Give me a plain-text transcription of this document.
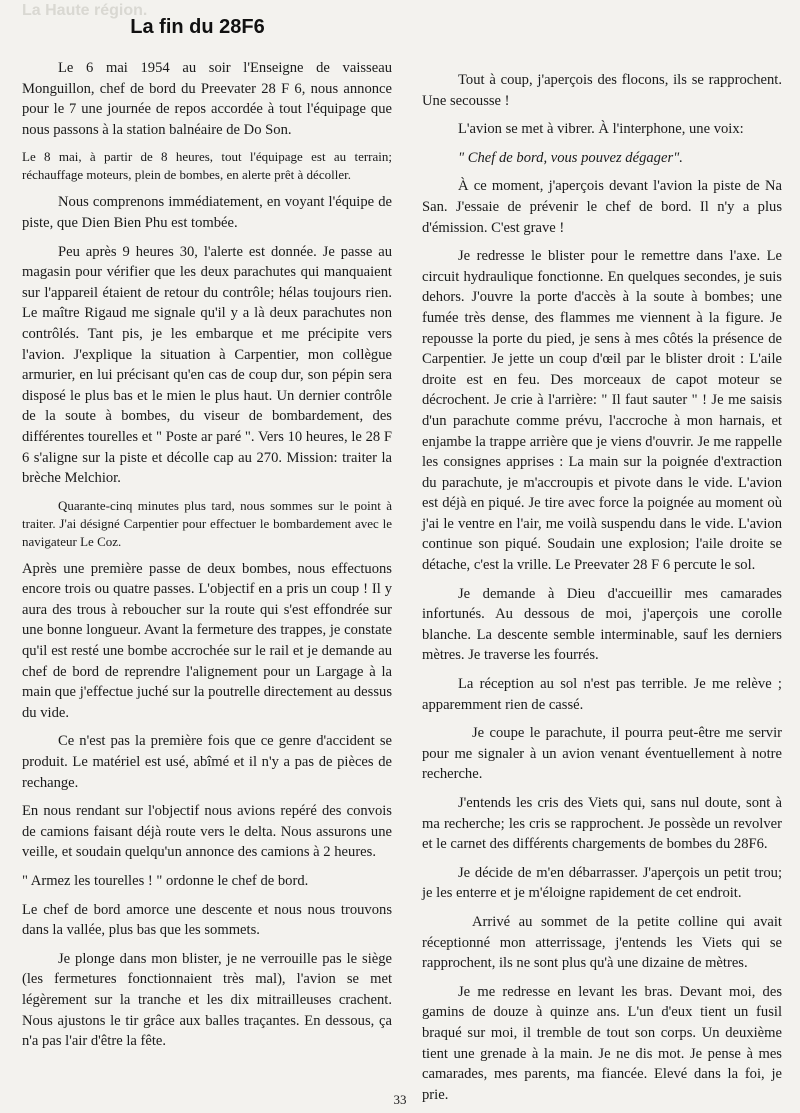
La Haute région.
La fin du 28F6

Le 6 mai 1954 au soir l'Enseigne de vaisseau Monguillon, chef de bord du Preevater 28 F 6, nous annonce pour le 7 une journée de repos accordée à tout l'équipage que nous passons à la station balnéaire de Do Son.

Le 8 mai, à partir de 8 heures, tout l'équipage est au terrain; réchauffage moteurs, plein de bombes, en alerte prêt à décoller.

Nous comprenons immédiatement, en voyant l'équipe de piste, que Dien Bien Phu est tombée.

Peu après 9 heures 30, l'alerte est donnée. Je passe au magasin pour vérifier que les deux parachutes qui manquaient sur l'appareil étaient de retour du contrôle; hélas toujours rien. Le maître Rigaud me signale qu'il y a là deux parachutes non contrôlés. Tant pis, je les embarque et me précipite vers l'avion. J'explique la situation à Carpentier, mon collègue armurier, en lui précisant qu'en cas de coup dur, son pépin sera disposé le plus bas et le mien le plus haut. Un dernier contrôle de la soute à bombes, du viseur de bombardement, des différentes tourelles et " Poste ar paré ". Vers 10 heures, le 28 F 6 s'aligne sur la piste et décolle cap au 270. Mission: traiter la brèche Melchior.

Quarante-cinq minutes plus tard, nous sommes sur le point à traiter. J'ai désigné Carpentier pour effectuer le bombardement avec le navigateur Le Coz.

Après une première passe de deux bombes, nous effectuons encore trois ou quatre passes. L'objectif en a pris un coup ! Il y aura des trous à reboucher sur la route qui s'est effondrée sur une bonne longueur. Avant la fermeture des trappes, je constate qu'il est resté une bombe accrochée sur le rail et je demande au chef de bord de reprendre l'alignement pour un Largage à la main que j'effectue juché sur la poutrelle directement au dessus du vide.

Ce n'est pas la première fois que ce genre d'accident se produit. Le matériel est usé, abîmé et il n'y a pas de pièces de rechange.

En nous rendant sur l'objectif nous avions repéré des convois de camions faisant déjà route vers le delta. Nous assurons une veille, et soudain quelqu'un annonce des camions à 2 heures.

" Armez les tourelles ! " ordonne le chef de bord.

Le chef de bord amorce une descente et nous nous trouvons dans la vallée, plus bas que les sommets.

Je plonge dans mon blister, je ne verrouille pas le siège (les fermetures fonctionnaient très mal), l'avion se met légèrement sur la tranche et les dix mitrailleuses crachent. Nous ajustons le tir grâce aux balles traçantes. En dessous, ça n'a pas l'air d'être la fête.

Tout à coup, j'aperçois des flocons, ils se rapprochent. Une secousse !

L'avion se met à vibrer. À l'interphone, une voix:

" Chef de bord, vous pouvez dégager".

À ce moment, j'aperçois devant l'avion la piste de Na San. J'essaie de prévenir le chef de bord. Il n'y a plus d'émission. C'est grave !

Je redresse le blister pour le remettre dans l'axe. Le circuit hydraulique fonctionne. En quelques secondes, je suis dehors. J'ouvre la porte d'accès à la soute à bombes; une fumée très dense, des flammes me viennent à la figure. Je repousse la porte du pied, je sens à mes côtés la présence de Carpentier. Je jette un coup d'œil par le blister droit : L'aile droite est en feu. Des morceaux de capot moteur se décrochent. Je crie à l'arrière: " Il faut sauter " ! Je me saisis d'un parachute comme prévu, l'accroche à mon harnais, et enjambe la trappe arrière que je viens d'ouvrir. Je me rappelle les consignes apprises : La main sur la poignée d'extraction du parachute, je m'accroupis et pivote dans le vide. L'avion est déjà en piqué. Je tire avec force la poignée au moment où j'ai le ventre en l'air, me voilà suspendu dans le vide. L'avion continue son piqué. Soudain une explosion; l'aile droite se détache, c'est la vrille. Le Preevater 28 F 6 percute le sol.

Je demande à Dieu d'accueillir mes camarades infortunés. Au dessous de moi, j'aperçois une corolle blanche. La descente semble interminable, sauf les derniers mètres. Je traverse les fourrés.

La réception au sol n'est pas terrible. Je me relève ; apparemment rien de cassé.

Je coupe le parachute, il pourra peut-être me servir pour me signaler à un avion venant éventuellement à notre recherche.

J'entends les cris des Viets qui, sans nul doute, sont à ma recherche; les cris se rapprochent. Je possède un revolver et le carnet des différents chargements de bombes du 28F6.

Je décide de m'en débarrasser. J'aperçois un petit trou; je les enterre et je m'éloigne rapidement de cet endroit.

Arrivé au sommet de la petite colline qui avait réceptionné mon atterrissage, j'entends les Viets qui se rapprochent, ils ne sont plus qu'à une dizaine de mètres.

Je me redresse en levant les bras. Devant moi, des gamins de douze à quinze ans. L'un d'eux tient un fusil braqué sur moi, il tremble de tout son corps. Un deuxième tient une grenade à la main. Je ne dis mot. Je pense à mes camarades, mes parents, ma fiancée. Elevé dans la foi, je prie.

33
